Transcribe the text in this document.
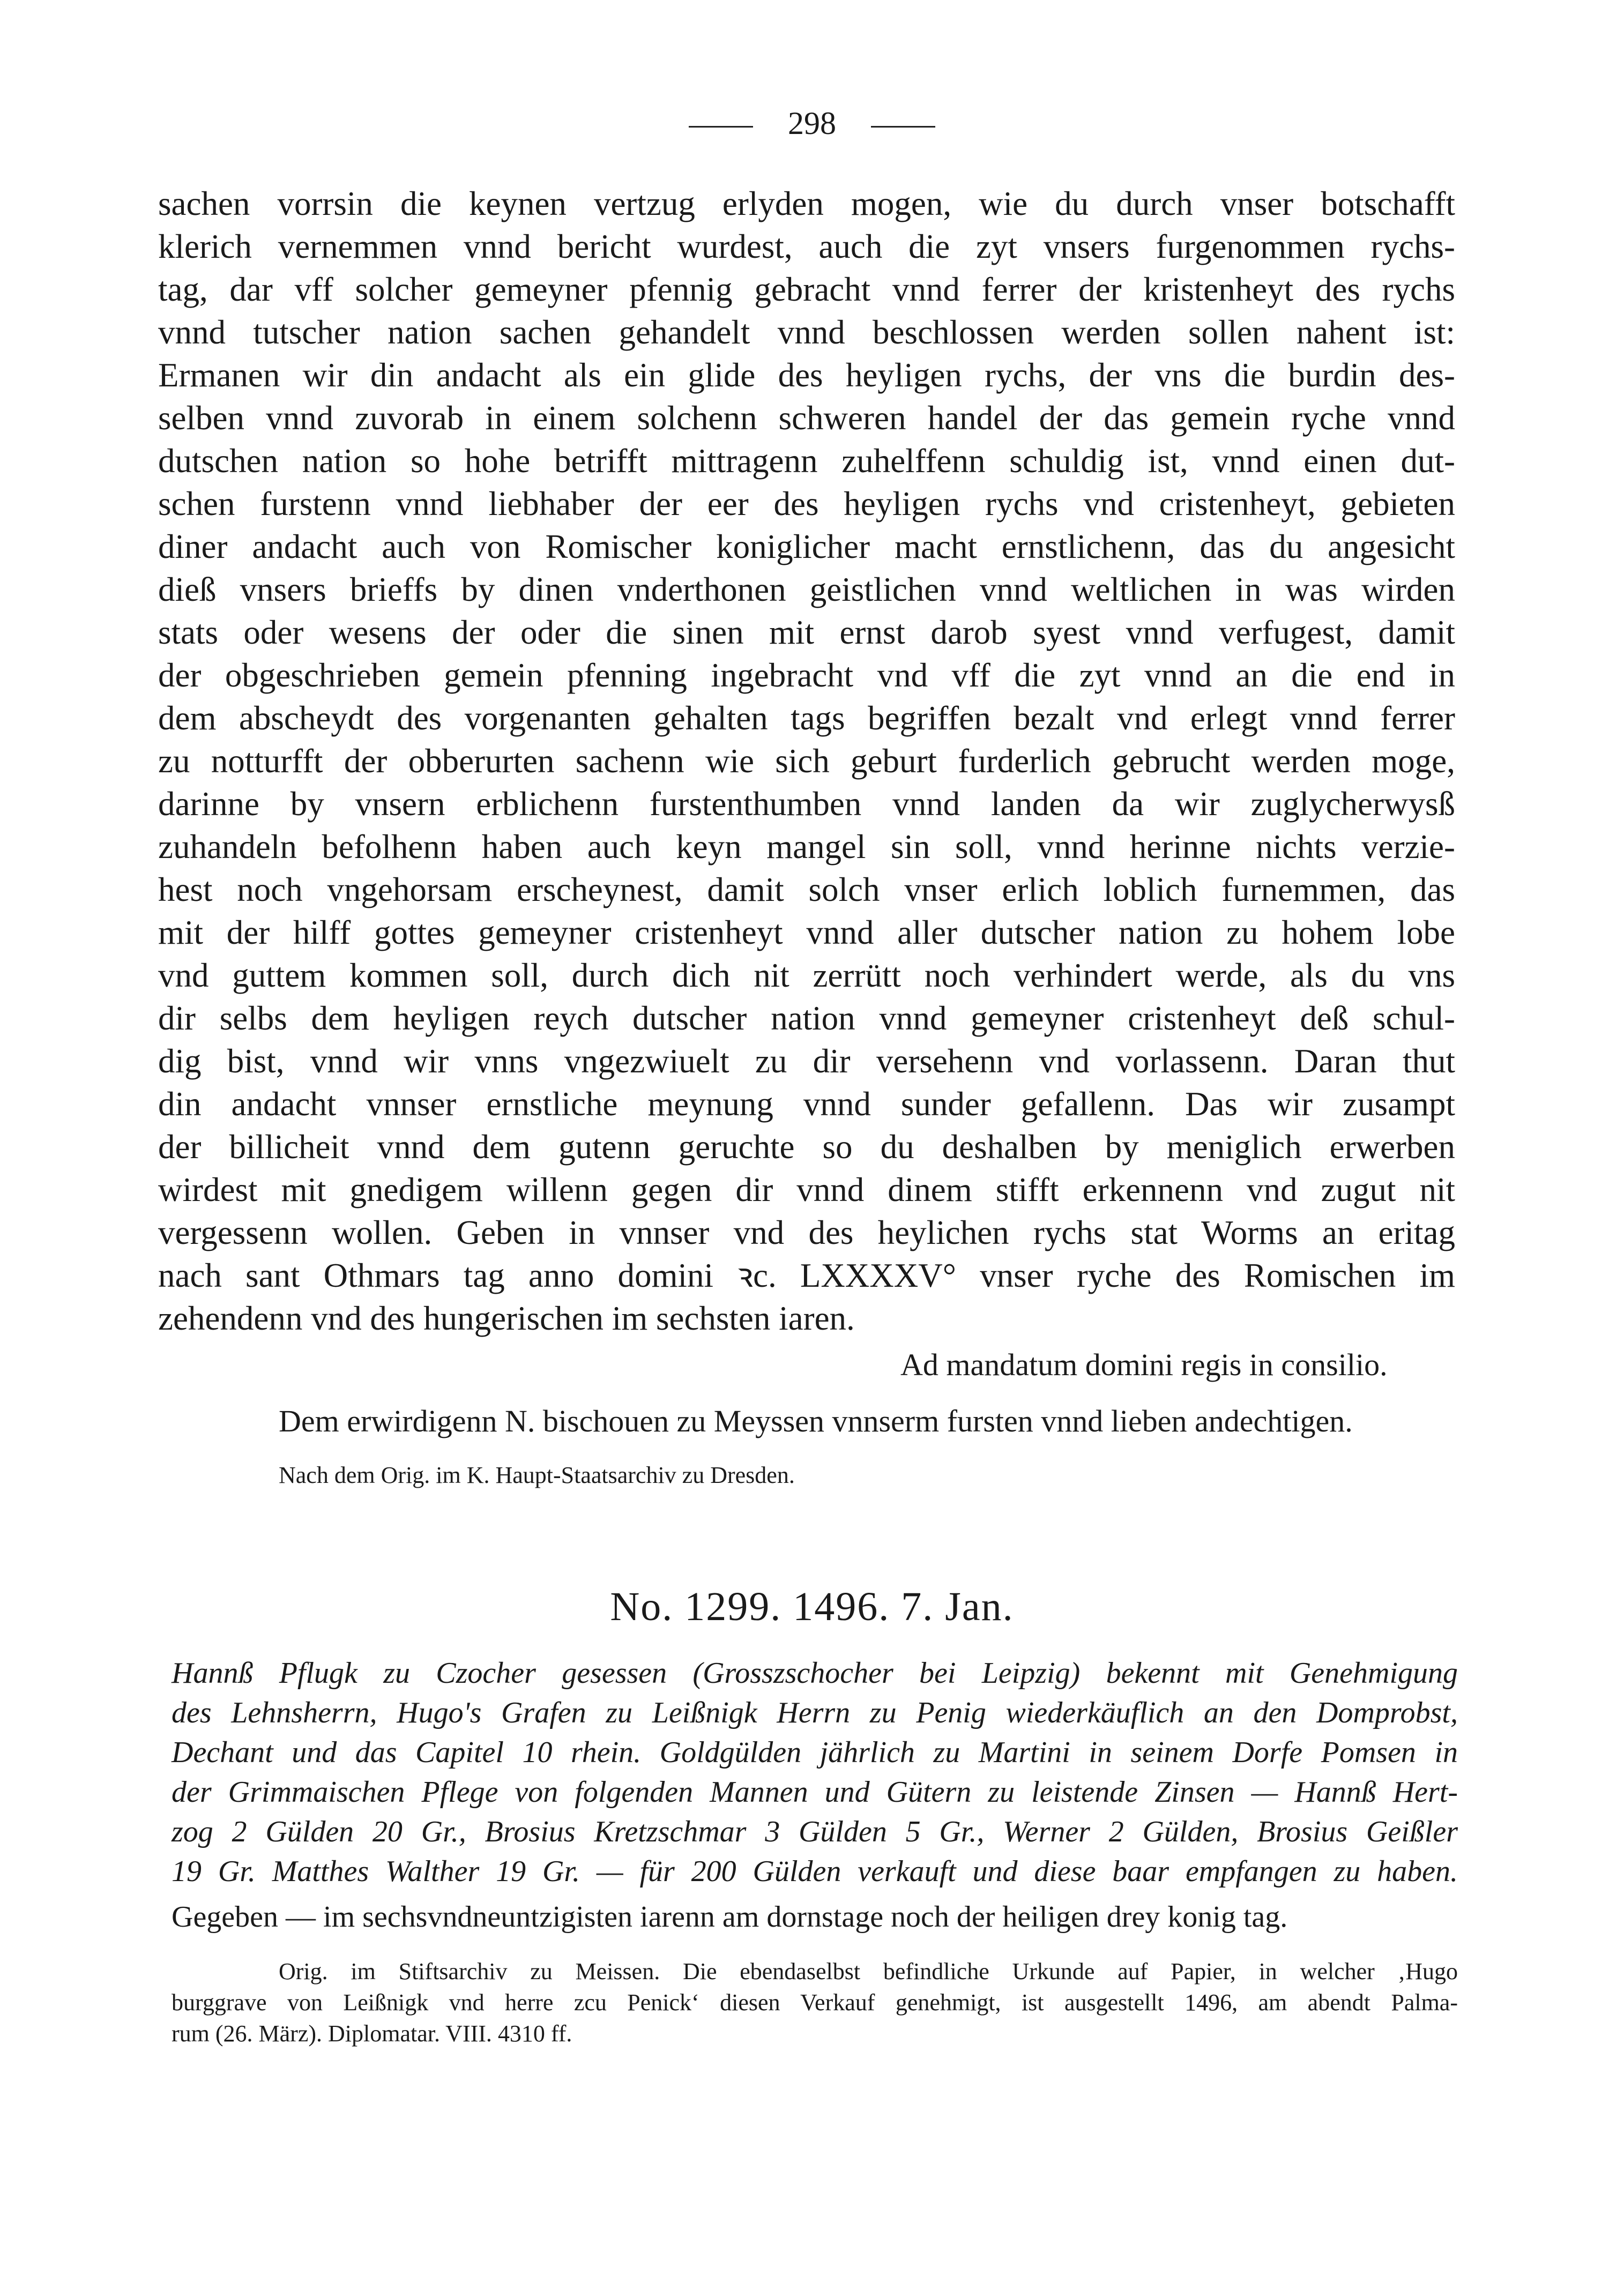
298
sachen vorrsin die keynen vertzug erlyden mogen, wie du durch vnser botschafft
klerich vernemmen vnnd bericht wurdest, auch die zyt vnsers furgenommen rychs-
tag, dar vff solcher gemeyner pfennig gebracht vnnd ferrer der kristenheyt des rychs
vnnd tutscher nation sachen gehandelt vnnd beschlossen werden sollen nahent ist:
Ermanen wir din andacht als ein glide des heyligen rychs, der vns die burdin des-
selben vnnd zuvorab in einem solchenn schweren handel der das gemein ryche vnnd
dutschen nation so hohe betrifft mittragenn zuhelffenn schuldig ist, vnnd einen dut-
schen furstenn vnnd liebhaber der eer des heyligen rychs vnd cristenheyt, gebieten
diner andacht auch von Romischer koniglicher macht ernstlichenn, das du angesicht
dieß vnsers brieffs by dinen vnderthonen geistlichen vnnd weltlichen in was wirden
stats oder wesens der oder die sinen mit ernst darob syest vnnd verfugest, damit
der obgeschrieben gemein pfenning ingebracht vnd vff die zyt vnnd an die end in
dem abscheydt des vorgenanten gehalten tags begriffen bezalt vnd erlegt vnnd ferrer
zu notturfft der obberurten sachenn wie sich geburt furderlich gebrucht werden moge,
darinne by vnsern erblichenn furstenthumben vnnd landen da wir zuglycherwysß
zuhandeln befolhenn haben auch keyn mangel sin soll, vnnd herinne nichts verzie-
hest noch vngehorsam erscheynest, damit solch vnser erlich loblich furnemmen, das
mit der hilff gottes gemeyner cristenheyt vnnd aller dutscher nation zu hohem lobe
vnd guttem kommen soll, durch dich nit zerrütt noch verhindert werde, als du vns
dir selbs dem heyligen reych dutscher nation vnnd gemeyner cristenheyt deß schul-
dig bist, vnnd wir vnns vngezwiuelt zu dir versehenn vnd vorlassenn. Daran thut
din andacht vnnser ernstliche meynung vnnd sunder gefallenn. Das wir zusampt
der billicheit vnnd dem gutenn geruchte so du deshalben by meniglich erwerben
wirdest mit gnedigem willenn gegen dir vnnd dinem stifft erkennenn vnd zugut nit
vergessenn wollen. Geben in vnnser vnd des heylichen rychs stat Worms an eritag
nach sant Othmars tag anno domini ꝛc. LXXXXV° vnser ryche des Romischen im
zehendenn vnd des hungerischen im sechsten iaren.
Ad mandatum domini regis in consilio.
Dem erwirdigenn N. bischouen zu Meyssen vnnserm fursten vnnd lieben andechtigen.
Nach dem Orig. im K. Haupt-Staatsarchiv zu Dresden.
No. 1299. 1496. 7. Jan.
Hannß Pflugk zu Czocher gesessen (Grosszschocher bei Leipzig) bekennt mit Genehmigung
des Lehnsherrn, Hugo's Grafen zu Leißnigk Herrn zu Penig wiederkäuflich an den Domprobst,
Dechant und das Capitel 10 rhein. Goldgülden jährlich zu Martini in seinem Dorfe Pomsen in
der Grimmaischen Pflege von folgenden Mannen und Gütern zu leistende Zinsen — Hannß Hert-
zog 2 Gülden 20 Gr., Brosius Kretzschmar 3 Gülden 5 Gr., Werner 2 Gülden, Brosius Geißler
19 Gr. Matthes Walther 19 Gr. — für 200 Gülden verkauft und diese baar empfangen zu haben.
Gegeben — im sechsvndneuntzigisten iarenn am dornstage noch der heiligen drey konig tag.
Orig. im Stiftsarchiv zu Meissen. Die ebendaselbst befindliche Urkunde auf Papier, in welcher ‚Hugo
burggrave von Leißnigk vnd herre zcu Penick‘ diesen Verkauf genehmigt, ist ausgestellt 1496, am abendt Palma-
rum (26. März). Diplomatar. VIII. 4310 ff.
